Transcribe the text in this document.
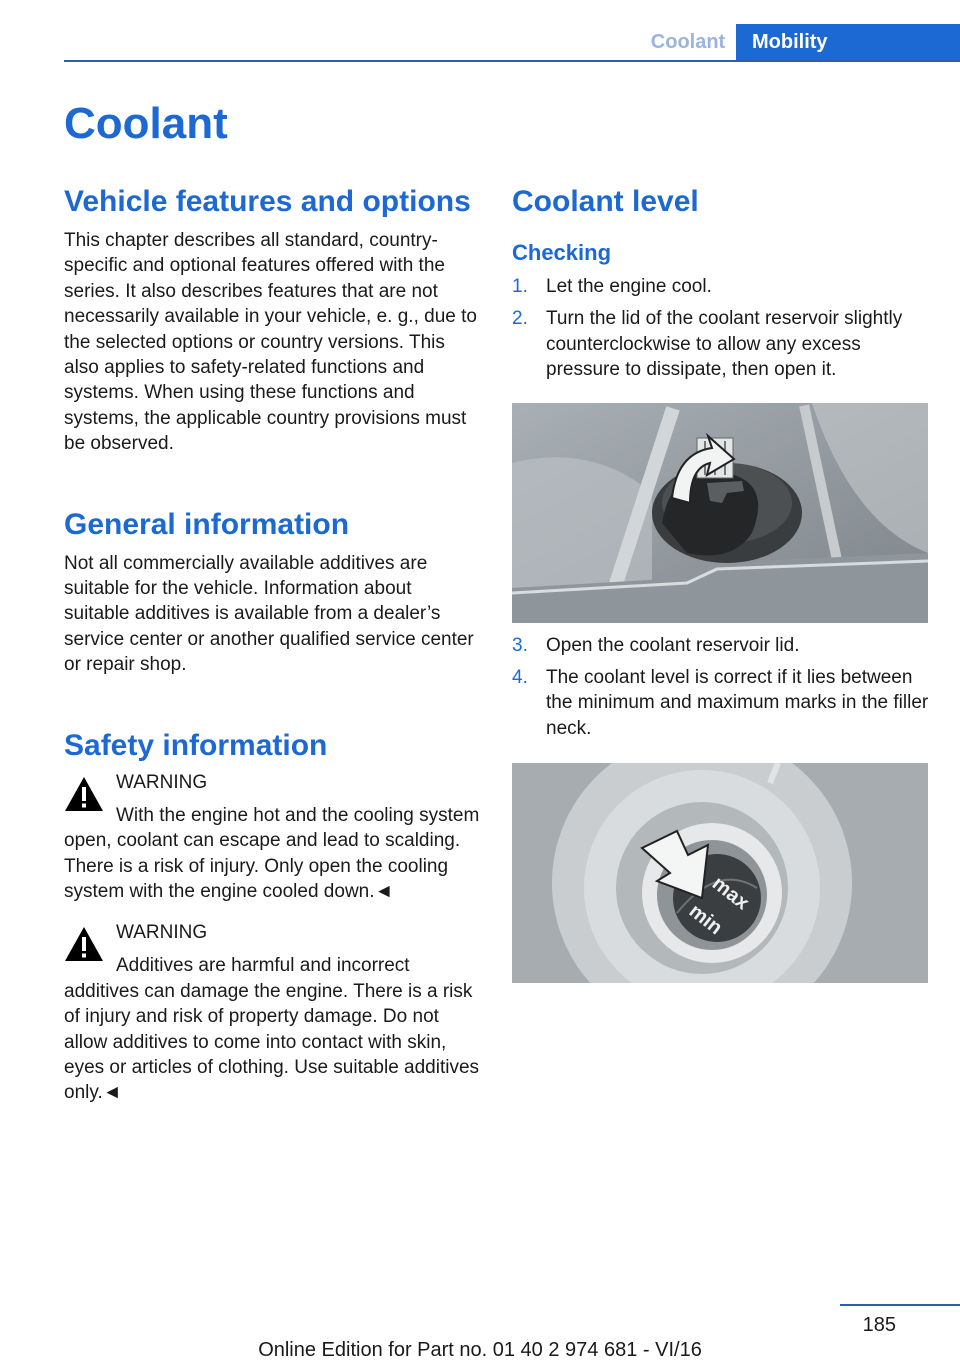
Coolant	Mobility
Coolant
Vehicle features and options

This chapter describes all standard, country-specific and optional features offered with the series. It also describes features that are not necessarily available in your vehicle, e. g., due to the selected options or country versions. This also applies to safety-related functions and systems. When using these functions and systems, the applicable country provisions must be observed.

General information

Not all commercially available additives are suitable for the vehicle. Information about suitable additives is available from a dealer’s service center or another qualified service center or repair shop.

Safety information
WARNING
With the engine hot and the cooling system open, coolant can escape and lead to scalding. There is a risk of injury. Only open the cooling system with the engine cooled down.◄
WARNING
Additives are harmful and incorrect additives can damage the engine. There is a risk of injury and risk of property damage. Do not allow additives to come into contact with skin, eyes or articles of clothing. Use suitable additives only.◄
Coolant level
Checking
1. Let the engine cool.
2. Turn the lid of the coolant reservoir slightly counterclockwise to allow any excess pressure to dissipate, then open it.
3. Open the coolant reservoir lid.
4. The coolant level is correct if it lies between the minimum and maximum marks in the filler neck.
max
min
185
Online Edition for Part no. 01 40 2 974 681 - VI/16
